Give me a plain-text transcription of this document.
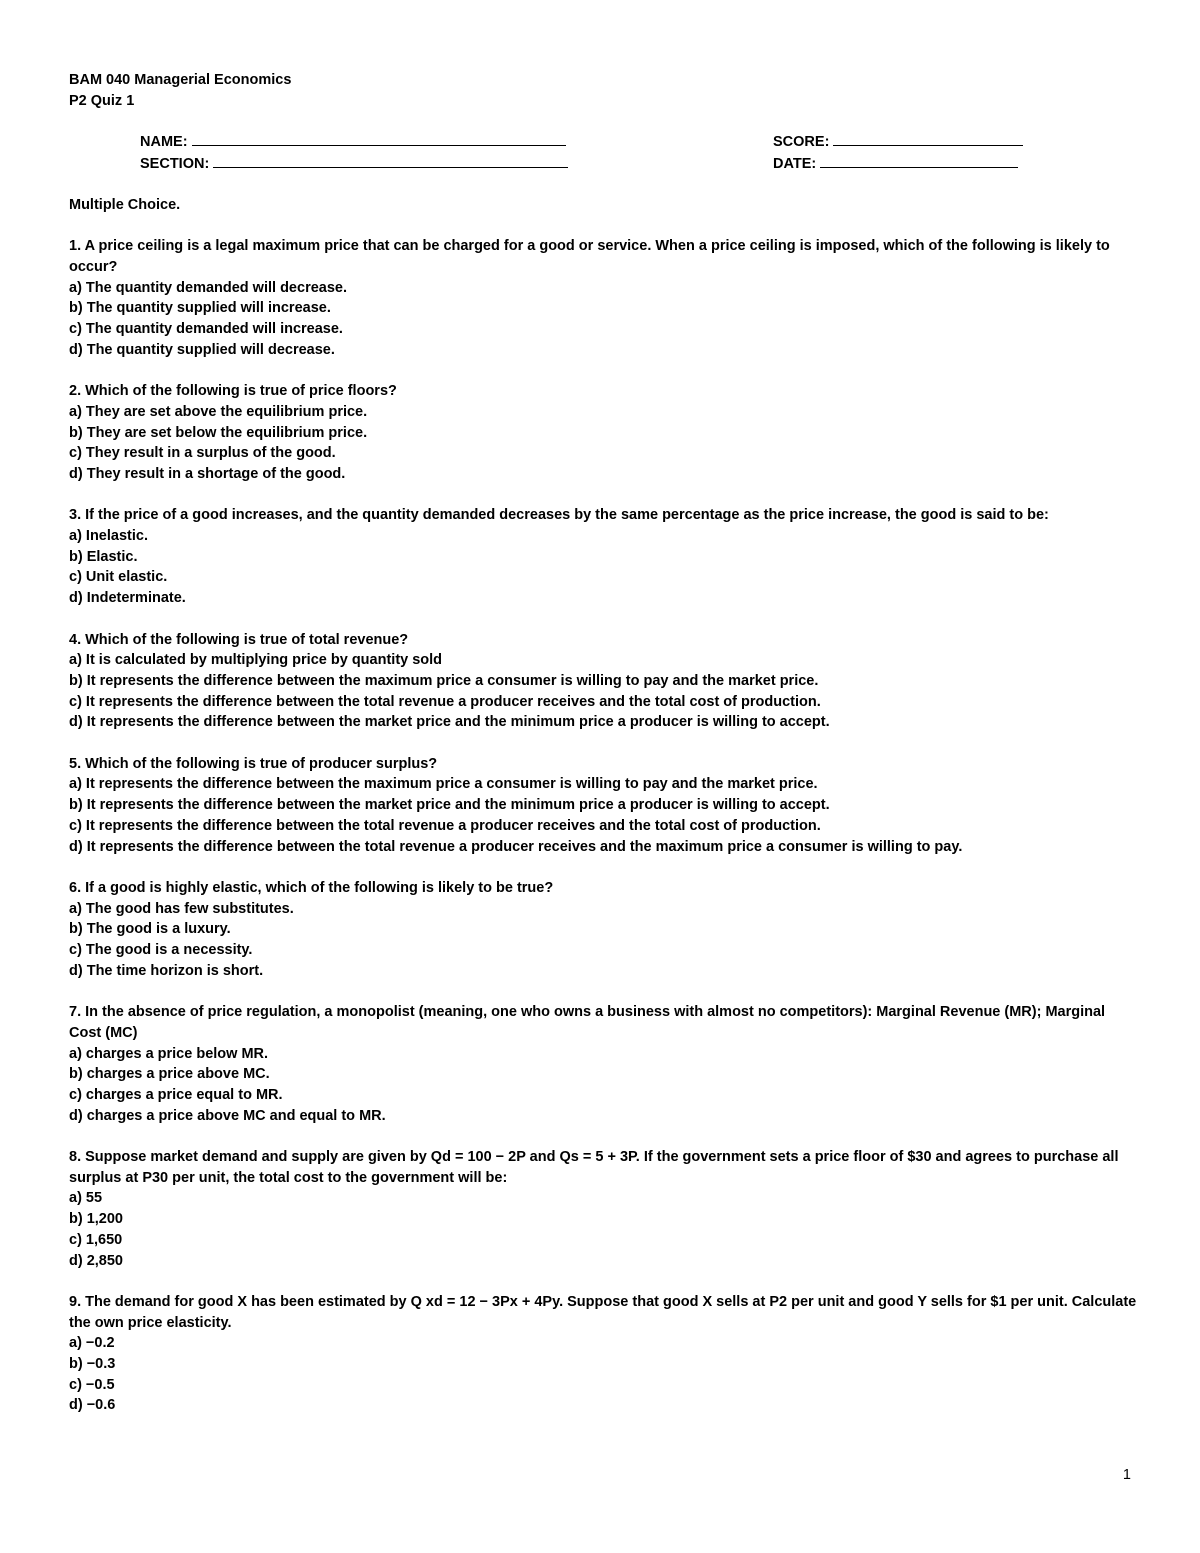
BAM 040 Managerial Economics
P2 Quiz 1
NAME:	SCORE:
SECTION:	DATE:
Multiple Choice.
1. A price ceiling is a legal maximum price that can be charged for a good or service. When a price ceiling is imposed, which of the following is likely to occur?
a) The quantity demanded will decrease.
b) The quantity supplied will increase.
c) The quantity demanded will increase.
d) The quantity supplied will decrease.
2. Which of the following is true of price floors?
a) They are set above the equilibrium price.
b) They are set below the equilibrium price.
c) They result in a surplus of the good.
d) They result in a shortage of the good.
3. If the price of a good increases, and the quantity demanded decreases by the same percentage as the price increase, the good is said to be:
a) Inelastic.
b) Elastic.
c) Unit elastic.
d) Indeterminate.
4. Which of the following is true of total revenue?
a) It is calculated by multiplying price by quantity sold
b) It represents the difference between the maximum price a consumer is willing to pay and the market price.
c) It represents the difference between the total revenue a producer receives and the total cost of production.
d) It represents the difference between the market price and the minimum price a producer is willing to accept.
5. Which of the following is true of producer surplus?
a) It represents the difference between the maximum price a consumer is willing to pay and the market price.
b) It represents the difference between the market price and the minimum price a producer is willing to accept.
c) It represents the difference between the total revenue a producer receives and the total cost of production.
d) It represents the difference between the total revenue a producer receives and the maximum price a consumer is willing to pay.
6. If a good is highly elastic, which of the following is likely to be true?
a) The good has few substitutes.
b) The good is a luxury.
c) The good is a necessity.
d) The time horizon is short.
7. In the absence of price regulation, a monopolist (meaning, one who owns a business with almost no competitors): Marginal Revenue (MR); Marginal Cost (MC)
a) charges a price below MR.
b) charges a price above MC.
c) charges a price equal to MR.
d) charges a price above MC and equal to MR.
8. Suppose market demand and supply are given by Qd = 100 − 2P and Qs = 5 + 3P. If the government sets a price floor of $30 and agrees to purchase all surplus at P30 per unit, the total cost to the government will be:
a) 55
b) 1,200
c) 1,650
d) 2,850
9. The demand for good X has been estimated by Q xd = 12 − 3Px + 4Py. Suppose that good X sells at P2 per unit and good Y sells for $1 per unit. Calculate the own price elasticity.
a) −0.2
b) −0.3
c) −0.5
d) −0.6
1
